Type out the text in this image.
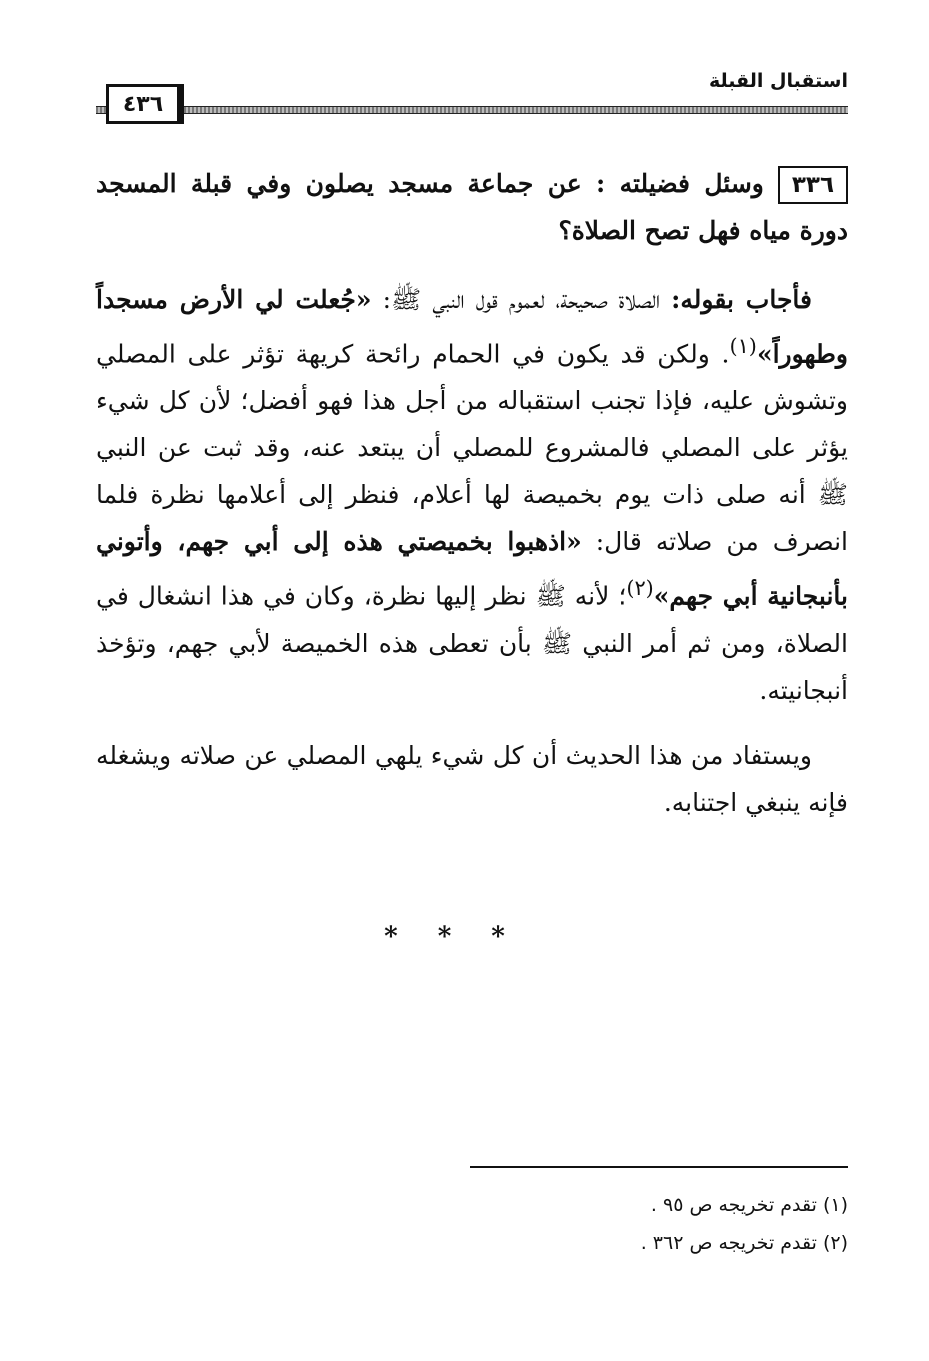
استقبال القبلة
٤٣٦

٣٣٦وسئل فضيلته : عن جماعة مسجد يصلون وفي قبلة المسجد دورة مياه فهل تصح الصلاة؟

فأجاب بقوله: الصلاة صحيحة، لعموم قول النبي ﷺ: «جُعلت لي الأرض مسجداً وطهوراً»$^{(١)}$. ولكن قد يكون في الحمام رائحة كريهة تؤثر على المصلي وتشوش عليه، فإذا تجنب استقباله من أجل هذا فهو أفضل؛ لأن كل شيء يؤثر على المصلي فالمشروع للمصلي أن يبتعد عنه، وقد ثبت عن النبي ﷺ أنه صلى ذات يوم بخميصة لها أعلام، فنظر إلى أعلامها نظرة فلما انصرف من صلاته قال: «اذهبوا بخميصتي هذه إلى أبي جهم، وأتوني بأنبجانية أبي جهم»$^{(٢)}$؛ لأنه ﷺ نظر إليها نظرة، وكان في هذا انشغال في الصلاة، ومن ثم أمر النبي ﷺ بأن تعطى هذه الخميصة لأبي جهم، وتؤخذ أنبجانيته.

ويستفاد من هذا الحديث أن كل شيء يلهي المصلي عن صلاته ويشغله فإنه ينبغي اجتنابه.

***
(١) تقدم تخريجه ص ٩٥ .
(٢) تقدم تخريجه ص ٣٦٢ .
